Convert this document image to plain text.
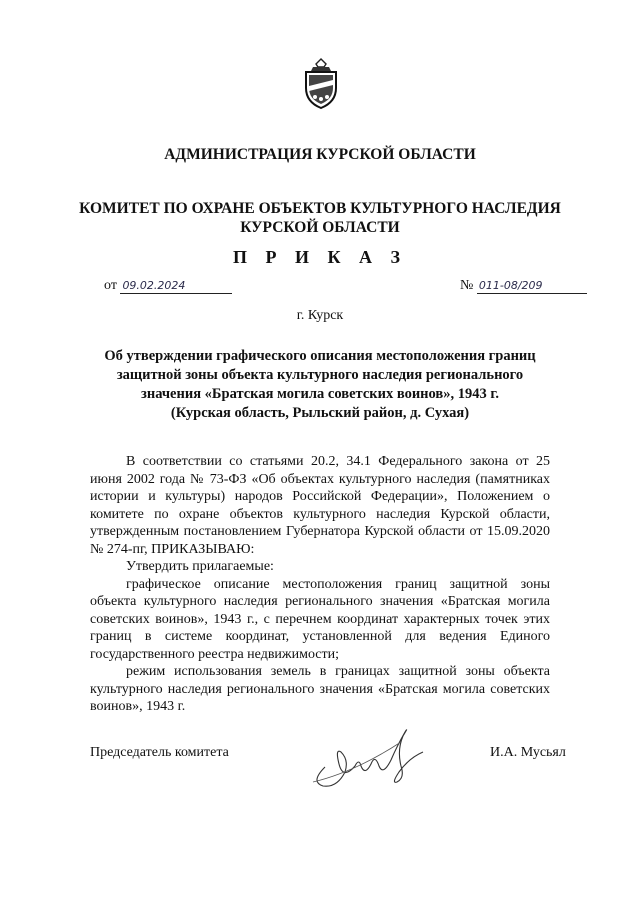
АДМИНИСТРАЦИЯ КУРСКОЙ ОБЛАСТИ
КОМИТЕТ ПО ОХРАНЕ ОБЪЕКТОВ КУЛЬТУРНОГО НАСЛЕДИЯ
КУРСКОЙ ОБЛАСТИ
П Р И К А З
от 09.02.2024	№ 011-08/209
г. Курск
Об утверждении графического описания местоположения границ
защитной зоны объекта культурного наследия регионального
значения «Братская могила советских воинов», 1943 г.
(Курская область, Рыльский район, д. Сухая)

В соответствии со статьями 20.2, 34.1 Федерального закона от 25 июня 2002 года № 73-ФЗ «Об объектах культурного наследия (памятниках истории и культуры) народов Российской Федерации», Положением о комитете по охране объектов культурного наследия Курской области, утвержденным постановлением Губернатора Курской области от 15.09.2020 № 274-пг, ПРИКАЗЫВАЮ:

Утвердить прилагаемые:

графическое описание местоположения границ защитной зоны объекта культурного наследия регионального значения «Братская могила советских воинов», 1943 г., с перечнем координат характерных точек этих границ в системе координат, установленной для ведения Единого государственного реестра недвижимости;

режим использования земель в границах защитной зоны объекта культурного наследия регионального значения «Братская могила советских воинов», 1943 г.

Председатель комитета	И.А. Мусьял
